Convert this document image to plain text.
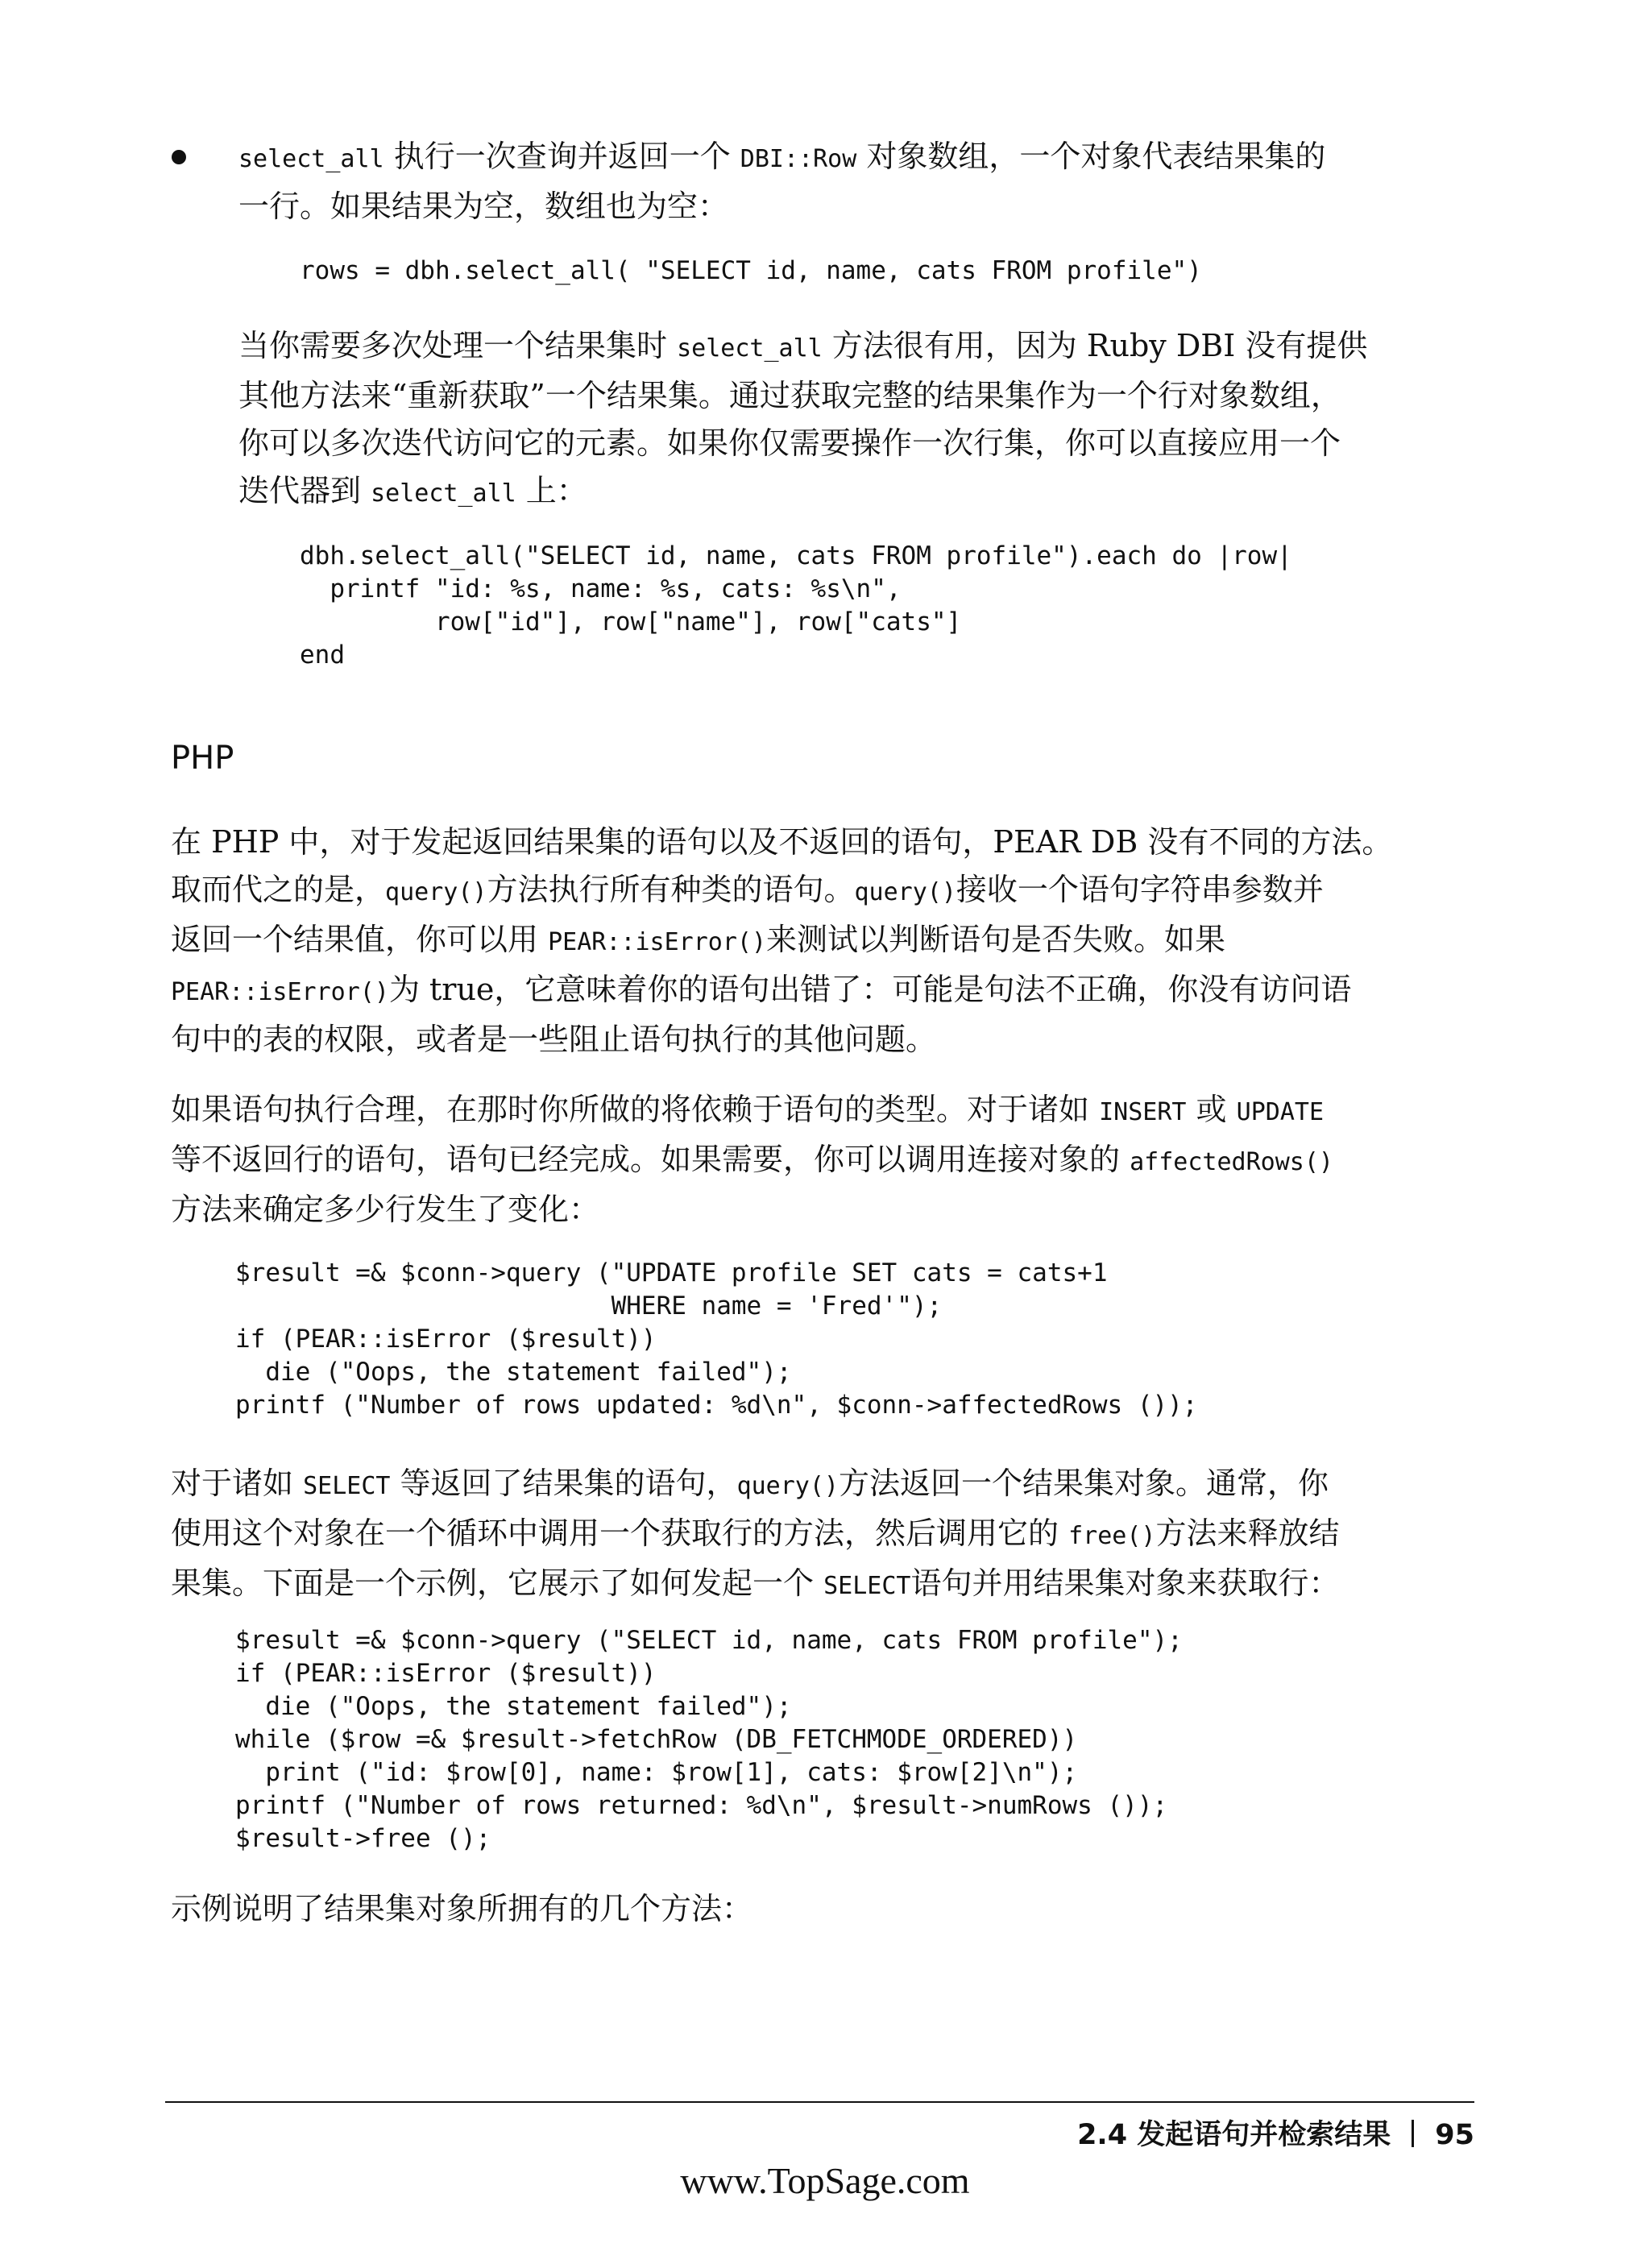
select_all 执行一次查询并返回一个 DBI::Row 对象数组，一个对象代表结果集的
一行。如果结果为空，数组也为空：
rows = dbh.select_all( "SELECT id, name, cats FROM profile")
当你需要多次处理一个结果集时 select_all 方法很有用，因为 Ruby DBI 没有提供
其他方法来“重新获取”一个结果集。通过获取完整的结果集作为一个行对象数组，
你可以多次迭代访问它的元素。如果你仅需要操作一次行集，你可以直接应用一个
迭代器到 select_all 上：
dbh.select_all("SELECT id, name, cats FROM profile").each do |row|
printf "id: %s, name: %s, cats: %s\n",
row["id"], row["name"], row["cats"]
end
PHP
在 PHP 中，对于发起返回结果集的语句以及不返回的语句，PEAR DB 没有不同的方法。
取而代之的是，query()方法执行所有种类的语句。query()接收一个语句字符串参数并
返回一个结果值，你可以用 PEAR::isError()来测试以判断语句是否失败。如果
PEAR::isError()为 true，它意味着你的语句出错了：可能是句法不正确，你没有访问语
句中的表的权限，或者是一些阻止语句执行的其他问题。
如果语句执行合理，在那时你所做的将依赖于语句的类型。对于诸如 INSERT 或 UPDATE
等不返回行的语句，语句已经完成。如果需要，你可以调用连接对象的 affectedRows()
方法来确定多少行发生了变化：
$result =& $conn->query ("UPDATE profile SET cats = cats+1
WHERE name = 'Fred'");
if (PEAR::isError ($result))
die ("Oops, the statement failed");
printf ("Number of rows updated: %d\n", $conn->affectedRows ());
对于诸如 SELECT 等返回了结果集的语句，query()方法返回一个结果集对象。通常，你
使用这个对象在一个循环中调用一个获取行的方法，然后调用它的 free()方法来释放结
果集。下面是一个示例，它展示了如何发起一个 SELECT语句并用结果集对象来获取行：
$result =& $conn->query ("SELECT id, name, cats FROM profile");
if (PEAR::isError ($result))
die ("Oops, the statement failed");
while ($row =& $result->fetchRow (DB_FETCHMODE_ORDERED))
print ("id: $row[0], name: $row[1], cats: $row[2]\n");
printf ("Number of rows returned: %d\n", $result->numRows ());
$result->free ();
示例说明了结果集对象所拥有的几个方法：

2.4 发起语句并检索结果 95

www.TopSage.com
